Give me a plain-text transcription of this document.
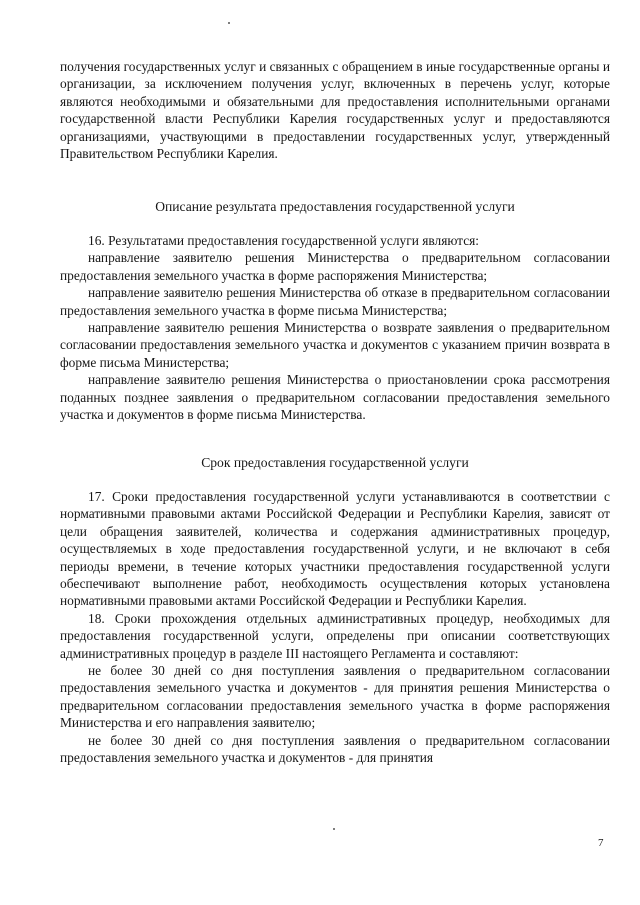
получения государственных услуг и связанных с обращением в иные государственные органы и организации, за исключением получения услуг, включенных в перечень услуг, которые являются необходимыми и обязательными для предоставления исполнительными органами государственной власти Республики Карелия государственных услуг и предоставляются организациями, участвующими в предоставлении государственных услуг, утвержденный Правительством Республики Карелия.

Описание результата предоставления государственной услуги

16. Результатами предоставления государственной услуги являются:

направление заявителю решения Министерства о предварительном согласовании предоставления земельного участка в форме распоряжения Министерства;

направление заявителю решения Министерства об отказе в предварительном согласовании предоставления земельного участка в форме письма Министерства;

направление заявителю решения Министерства о возврате заявления о предварительном согласовании предоставления земельного участка и документов с указанием причин возврата в форме письма Министерства;

направление заявителю решения Министерства о приостановлении срока рассмотрения поданных позднее заявления о предварительном согласовании предоставления земельного участка и документов в форме письма Министерства.

Срок предоставления государственной услуги

17. Сроки предоставления государственной услуги устанавливаются в соответствии с нормативными правовыми актами Российской Федерации и Республики Карелия, зависят от цели обращения заявителей, количества и содержания административных процедур, осуществляемых в ходе предоставления государственной услуги, и не включают в себя периоды времени, в течение которых участники предоставления государственной услуги обеспечивают выполнение работ, необходимость осуществления которых установлена нормативными правовыми актами Российской Федерации и Республики Карелия.

18. Сроки прохождения отдельных административных процедур, необходимых для предоставления государственной услуги, определены при описании соответствующих административных процедур в разделе III настоящего Регламента и составляют:

не более 30 дней со дня поступления заявления о предварительном согласовании предоставления земельного участка и документов - для принятия решения Министерства о предварительном согласовании предоставления земельного участка в форме распоряжения Министерства и его направления заявителю;

не более 30 дней со дня поступления заявления о предварительном согласовании предоставления земельного участка и документов - для принятия

7
